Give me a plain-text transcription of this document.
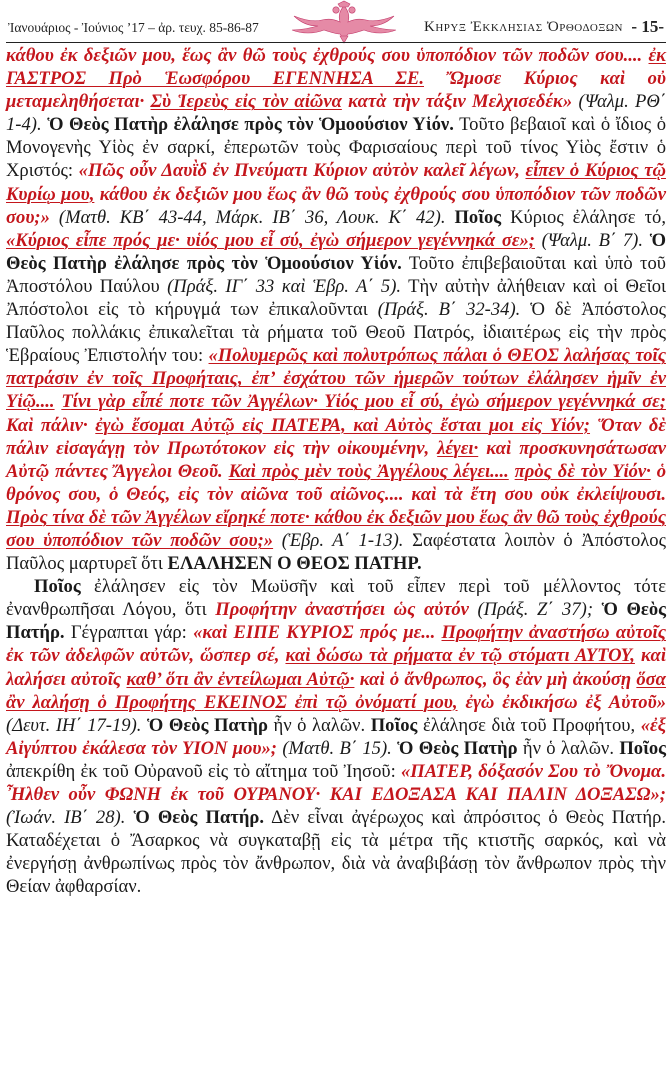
Ἰανουάριος - Ἰούνιος ’17 – ἀρ. τευχ. 85-86-87	Κηρυξ Ἐκκλησιας Ὀρθοδοξων - 15-

κάθου ἐκ δεξιῶν μου, ἕως ἂν θῶ τοὺς ἐχθρούς σου ὑποπόδιον τῶν ποδῶν σου.... ἐκ ΓΑΣΤΡΟΣ Πρὸ Ἑωσφόρου ΕΓΕΝΝΗΣΑ ΣΕ. Ὤμοσε Κύριος καὶ οὐ μεταμεληθήσεται· Σὺ Ἱερεὺς εἰς τὸν αἰῶνα κατὰ τὴν τάξιν Μελχισεδέκ» (Ψαλμ. ΡΘ΄ 1-4). Ὁ Θεὸς Πατὴρ ἐλάλησε πρὸς τὸν Ὁμοούσιον Υἱόν. Τοῦτο βεβαιοῖ καὶ ὁ ἴδιος ὁ Μονογενὴς Υἱὸς ἐν σαρκί, ἐπερωτῶν τοὺς Φαρισαίους περὶ τοῦ τίνος Υἱὸς ἔστιν ὁ Χριστός: «Πῶς οὖν Δαυῒδ ἐν Πνεύματι Κύριον αὐτὸν καλεῖ λέγων, εἶπεν ὁ Κύριος τῷ Κυρίῳ μου, κάθου ἐκ δεξιῶν μου ἕως ἂν θῶ τοὺς ἐχθρούς σου ὑποπόδιον τῶν ποδῶν σου;» (Ματθ. ΚΒ΄ 43-44, Μάρκ. ΙΒ΄ 36, Λουκ. Κ΄ 42). Ποῖος Κύριος ἐλάλησε τό, «Κύριος εἶπε πρός με· υἱός μου εἶ σύ, ἐγὼ σήμερον γεγέννηκά σε»; (Ψαλμ. Β΄ 7). Ὁ Θεὸς Πατὴρ ἐλάλησε πρὸς τὸν Ὁμοούσιον Υἱόν. Τοῦτο ἐπιβεβαιοῦται καὶ ὑπὸ τοῦ Ἀποστόλου Παύλου (Πράξ. ΙΓ΄ 33 καὶ Ἑβρ. Α΄ 5). Τὴν αὐτὴν ἀλήθειαν καὶ οἱ Θεῖοι Ἀπόστολοι εἰς τὸ κήρυγμά των ἐπικαλοῦνται (Πράξ. Β΄ 32-34). Ὁ δὲ Ἀπόστολος Παῦλος πολλάκις ἐπικαλεῖται τὰ ρήματα τοῦ Θεοῦ Πατρός, ἰδιαιτέρως εἰς τὴν πρὸς Ἑβραίους Ἐπιστολήν του: «Πολυμερῶς καὶ πολυτρόπως πάλαι ὁ ΘΕΟΣ λαλήσας τοῖς πατράσιν ἐν τοῖς Προφήταις, ἐπ’ ἐσχάτου τῶν ἡμερῶν τούτων ἐλάλησεν ἡμῖν ἐν Υἱῷ.... Τίνι γὰρ εἶπέ ποτε τῶν Ἀγγέλων· Υἱός μου εἶ σύ, ἐγὼ σήμερον γεγέννηκά σε; Καὶ πάλιν· ἐγὼ ἔσομαι Αὐτῷ εἰς ΠΑΤΕΡΑ, καὶ Αὐτὸς ἔσται μοι εἰς Υἱόν; Ὅταν δὲ πάλιν εἰσαγάγῃ τὸν Πρωτότοκον εἰς τὴν οἰκουμένην, λέγει· καὶ προσκυνησάτωσαν Αὐτῷ πάντες Ἄγγελοι Θεοῦ. Καὶ πρὸς μὲν τοὺς Ἀγγέλους λέγει.... πρὸς δὲ τὸν Υἱόν· ὁ θρόνος σου, ὁ Θεός, εἰς τὸν αἰῶνα τοῦ αἰῶνος.... καὶ τὰ ἔτη σου οὐκ ἐκλείψουσι. Πρὸς τίνα δὲ τῶν Ἀγγέλων εἴρηκέ ποτε· κάθου ἐκ δεξιῶν μου ἕως ἂν θῶ τοὺς ἐχθρούς σου ὑποπόδιον τῶν ποδῶν σου;» (Ἑβρ. Α΄ 1-13). Σαφέστατα λοιπὸν ὁ Ἀπόστολος Παῦλος μαρτυρεῖ ὅτι ΕΛΑΛΗΣΕΝ Ο ΘΕΟΣ ΠΑΤΗΡ.

Ποῖος ἐλάλησεν εἰς τὸν Μωϋσῆν καὶ τοῦ εἶπεν περὶ τοῦ μέλλοντος τότε ἐνανθρωπῆσαι Λόγου, ὅτι Προφήτην ἀναστήσει ὡς αὐτόν (Πράξ. Ζ΄ 37); Ὁ Θεὸς Πατήρ. Γέγραπται γάρ: «καὶ ΕΙΠΕ ΚΥΡΙΟΣ πρός με... Προφήτην ἀναστήσω αὐτοῖς ἐκ τῶν ἀδελφῶν αὐτῶν, ὥσπερ σέ, καὶ δώσω τὰ ρήματα ἐν τῷ στόματι ΑΥΤΟΥ, καὶ λαλήσει αὐτοῖς καθ’ ὅτι ἂν ἐντείλωμαι Αὐτῷ· καὶ ὁ ἄνθρωπος, ὃς ἐὰν μὴ ἀκούσῃ ὅσα ἂν λαλήσῃ ὁ Προφήτης ΕΚΕΙΝΟΣ ἐπὶ τῷ ὀνόματί μου, ἐγὼ ἐκδικήσω ἐξ Αὐτοῦ» (Δευτ. ΙΗ΄ 17-19). Ὁ Θεὸς Πατὴρ ἦν ὁ λαλῶν. Ποῖος ἐλάλησε διὰ τοῦ Προφήτου, «ἐξ Αἰγύπτου ἐκάλεσα τὸν ΥΙΟΝ μου»; (Ματθ. Β΄ 15). Ὁ Θεὸς Πατὴρ ἦν ὁ λαλῶν. Ποῖος ἀπεκρίθη ἐκ τοῦ Οὐρανοῦ εἰς τὸ αἴτημα τοῦ Ἰησοῦ: «ΠΑΤΕΡ, δόξασόν Σου τὸ Ὄνομα. Ἦλθεν οὖν ΦΩΝΗ ἐκ τοῦ ΟΥΡΑΝΟΥ· ΚΑΙ ΕΔΟΞΑΣΑ ΚΑΙ ΠΑΛΙΝ ΔΟΞΑΣΩ»; (Ἰωάν. ΙΒ΄ 28). Ὁ Θεὸς Πατήρ. Δὲν εἶναι ἀγέρωχος καὶ ἀπρόσιτος ὁ Θεὸς Πατήρ. Καταδέχεται ὁ Ἄσαρκος νὰ συγκαταβῇ εἰς τὰ μέτρα τῆς κτιστῆς σαρκός, καὶ νὰ ἐνεργήσῃ ἀνθρωπίνως πρὸς τὸν ἄνθρωπον, διὰ νὰ ἀναβιβάσῃ τὸν ἄνθρωπον πρὸς τὴν Θείαν ἀφθαρσίαν.
